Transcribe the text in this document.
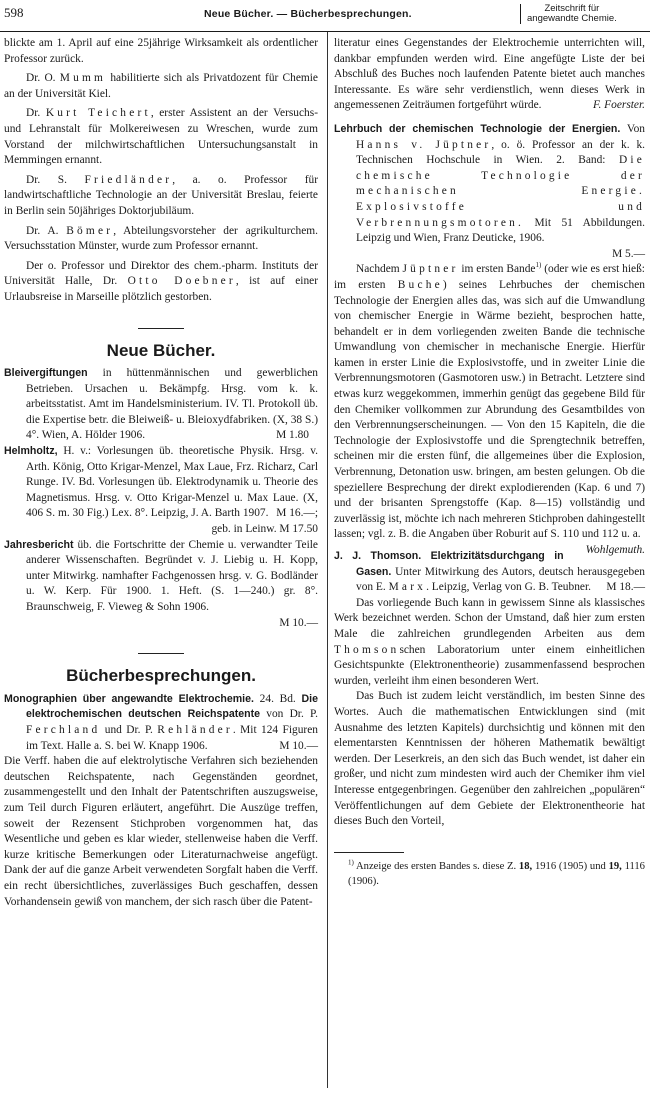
598	Neue Bücher. — Bücherbesprechungen.	Zeitschrift für
angewandte Chemie.

blickte am 1. April auf eine 25jährige Wirksamkeit als ordentlicher Professor zurück.

Dr. O. Mumm habilitierte sich als Privatdozent für Chemie an der Universität Kiel.

Dr. Kurt Teichert, erster Assistent an der Versuchs- und Lehranstalt für Molkereiwesen zu Wreschen, wurde zum Vorstand der milchwirtschaftlichen Untersuchungsanstalt in Memmingen ernannt.

Dr. S. Friedländer, a. o. Professor für landwirtschaftliche Technologie an der Universität Breslau, feierte in Berlin sein 50jähriges Doktorjubiläum.

Dr. A. Bömer, Abteilungsvorsteher der agrikulturchem. Versuchsstation Münster, wurde zum Professor ernannt.

Der o. Professor und Direktor des chem.-pharm. Instituts der Universität Halle, Dr. Otto Doebner, ist auf einer Urlaubsreise in Marseille plötzlich gestorben.

Neue Bücher.

Bleivergiftungen in hüttenmännischen und gewerblichen Betrieben. Ursachen u. Bekämpfg. Hrsg. vom k. k. arbeitsstatist. Amt im Handelsministerium. IV. Tl. Protokoll üb. die Expertise betr. die Bleiweiß- u. Bleioxydfabriken. (X, 38 S.) 4°. Wien, A. Hölder 1906.	M 1.80

Helmholtz, H. v.: Vorlesungen üb. theoretische Physik. Hrsg. v. Arth. König, Otto Krigar-Menzel, Max Laue, Frz. Richarz, Carl Runge. IV. Bd. Vorlesungen üb. Elektrodynamik u. Theorie des Magnetismus. Hrsg. v. Otto Krigar-Menzel u. Max Laue. (X, 406 S. m. 30 Fig.) Lex. 8°. Leipzig, J. A. Barth 1907. M 16.—;
geb. in Leinw. M 17.50

Jahresbericht üb. die Fortschritte der Chemie u. verwandter Teile anderer Wissenschaften. Begründet v. J. Liebig u. H. Kopp, unter Mitwirkg. namhafter Fachgenossen hrsg. v. G. Bodländer u. W. Kerp. Für 1900. 1. Heft. (S. 1—240.) gr. 8°. Braunschweig, F. Vieweg & Sohn 1906.
M 10.—

Bücherbesprechungen.

Monographien über angewandte Elektrochemie. 24. Bd. Die elektrochemischen deutschen Reichspatente von Dr. P. Ferchland und Dr. P. Rehländer. Mit 124 Figuren im Text. Halle a. S. bei W. Knapp 1906.	M 10.—

Die Verff. haben die auf elektrolytische Verfahren sich beziehenden deutschen Reichspatente, nach Gegenständen geordnet, zusammengestellt und den Inhalt der Patentschriften auszugsweise, zum Teil durch Figuren erläutert, angeführt. Die Auszüge treffen, soweit der Rezensent Stichproben vorgenommen hat, das Wesentliche und geben es klar wieder, stellenweise haben die Verff. kurze kritische Bemerkungen oder Literaturnachweise angefügt. Dank der auf die ganze Arbeit verwendeten Sorgfalt haben die Verff. ein recht übersichtliches, zuverlässiges Buch geschaffen, dessen Vorhandensein gewiß von manchem, der sich rasch über die Patent-

literatur eines Gegenstandes der Elektrochemie unterrichten will, dankbar empfunden werden wird. Eine angefügte Liste der bei Abschluß des Buches noch laufenden Patente bietet auch manches Interessante. Es wäre sehr verdienstlich, wenn dieses Werk in angemessenen Zeiträumen fortgeführt würde.	F. Foerster.

Lehrbuch der chemischen Technologie der Energien. Von Hanns v. Jüptner, o. ö. Professor an der k. k. Technischen Hochschule in Wien. 2. Band: Die chemische Technologie der mechanischen Energie. Explosivstoffe und Verbrennungsmotoren. Mit 51 Abbildungen. Leipzig und Wien, Franz Deuticke, 1906.
M 5.—

Nachdem Jüptner im ersten Bande$^{1)}$ (oder wie es erst hieß: im ersten Buche) seines Lehrbuches der chemischen Technologie der Energien alles das, was sich auf die Umwandlung von chemischer Energie in Wärme bezieht, besprochen hatte, behandelt er in dem vorliegenden zweiten Bande die technische Umwandlung von chemischer in mechanische Energie. Hierfür kamen in erster Linie die Explosivstoffe, und in zweiter Linie die Verbrennungsmotoren (Gasmotoren usw.) in Betracht. Letztere sind etwas kurz weggekommen, immerhin genügt das gegebene Bild für den Chemiker vollkommen zur Abrundung des Gesamtbildes von den Verbrennungserscheinungen. — Von den 15 Kapiteln, die die Technologie der Explosivstoffe und die Sprengtechnik betreffen, scheinen mir die ersten fünf, die allgemeines über die Explosion, Verbrennung, Detonation usw. bringen, am besten gelungen. Ob die speziellere Besprechung der direkt explodierenden (Kap. 6 und 7) und der brisanten Sprengstoffe (Kap. 8—15) vollständig und zuverlässig ist, möchte ich nach mehreren Stichproben dahingestellt lassen; vgl. z. B. die Angaben über Roburit auf S. 110 und 112 u. a.
Wohlgemuth.

J. J. Thomson. Elektrizitätsdurchgang in Gasen. Unter Mitwirkung des Autors, deutsch herausgegeben von E. Marx. Leipzig, Verlag von G. B. Teubner. M 18.—

Das vorliegende Buch kann in gewissem Sinne als klassisches Werk bezeichnet werden. Schon der Umstand, daß hier zum ersten Male die zahlreichen grundlegenden Arbeiten aus dem Thomsonschen Laboratorium unter einem einheitlichen Gesichtspunkte (Elektronentheorie) zusammenfassend besprochen wurden, verleiht ihm einen besonderen Wert.

Das Buch ist zudem leicht verständlich, im besten Sinne des Wortes. Auch die mathematischen Entwicklungen sind (mit Ausnahme des letzten Kapitels) durchsichtig und können mit den elementarsten Kenntnissen der höheren Mathematik bewältigt werden. Der Leserkreis, an den sich das Buch wendet, ist daher ein großer, und nicht zum mindesten wird auch der Chemiker ihm viel Interesse entgegenbringen. Gegenüber den zahlreichen „populären“ Veröffentlichungen auf dem Gebiete der Elektronentheorie hat dieses Buch den Vorteil,

$^{1)}$ Anzeige des ersten Bandes s. diese Z. 18, 1916 (1905) und 19, 1116 (1906).
